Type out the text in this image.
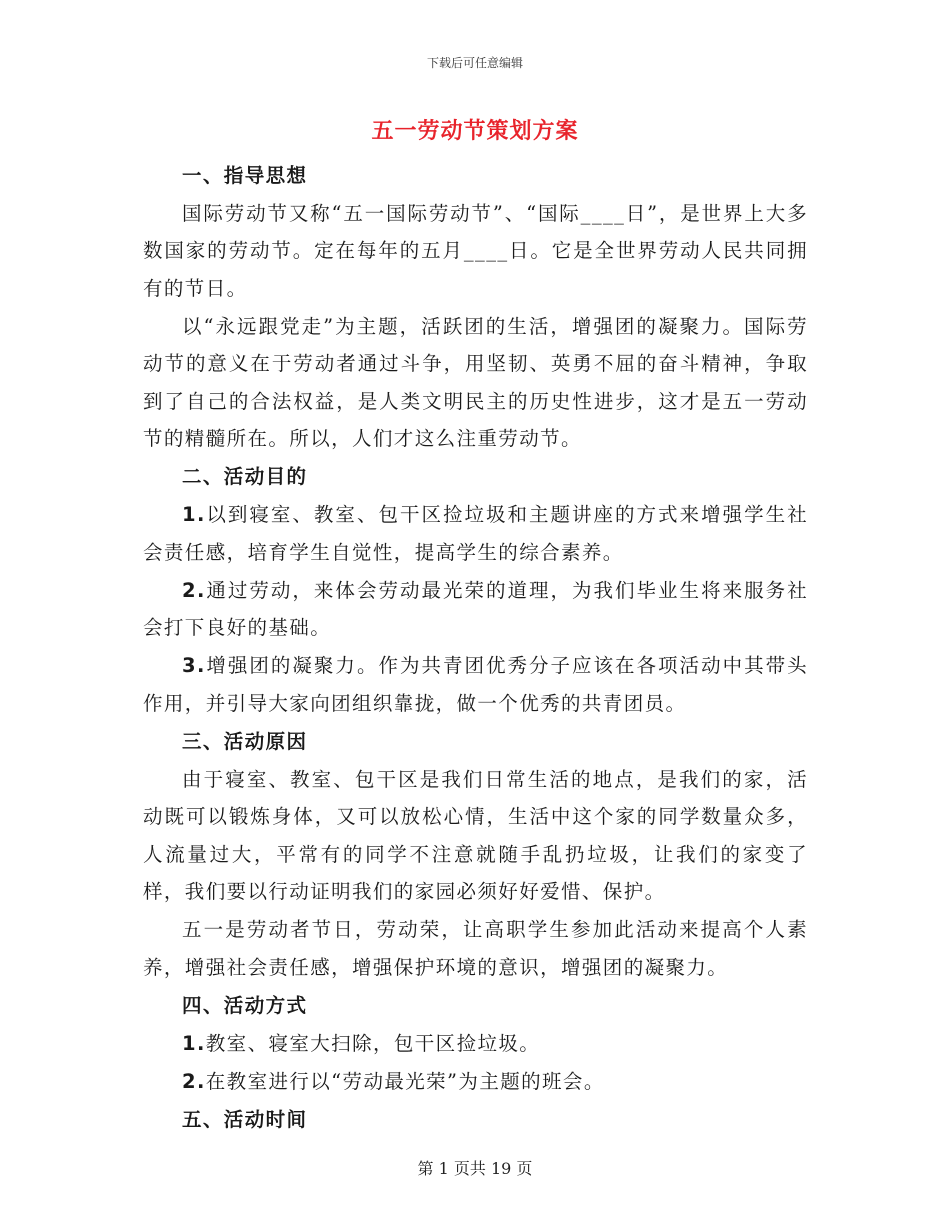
下载后可任意编辑
五一劳动节策划方案

一、指导思想

国际劳动节又称“五一国际劳动节”、“国际____日”，是世界上大多数国家的劳动节。定在每年的五月____日。它是全世界劳动人民共同拥有的节日。

以“永远跟党走”为主题，活跃团的生活，增强团的凝聚力。国际劳动节的意义在于劳动者通过斗争，用坚韧、英勇不屈的奋斗精神，争取到了自己的合法权益，是人类文明民主的历史性进步，这才是五一劳动节的精髓所在。所以，人们才这么注重劳动节。

二、活动目的

1.以到寝室、教室、包干区捡垃圾和主题讲座的方式来增强学生社会责任感，培育学生自觉性，提高学生的综合素养。

2.通过劳动，来体会劳动最光荣的道理，为我们毕业生将来服务社会打下良好的基础。

3.增强团的凝聚力。作为共青团优秀分子应该在各项活动中其带头作用，并引导大家向团组织靠拢，做一个优秀的共青团员。

三、活动原因

由于寝室、教室、包干区是我们日常生活的地点，是我们的家，活动既可以锻炼身体，又可以放松心情，生活中这个家的同学数量众多，人流量过大，平常有的同学不注意就随手乱扔垃圾，让我们的家变了样，我们要以行动证明我们的家园必须好好爱惜、保护。

五一是劳动者节日，劳动荣，让高职学生参加此活动来提高个人素养，增强社会责任感，增强保护环境的意识，增强团的凝聚力。

四、活动方式

1.教室、寝室大扫除，包干区捡垃圾。

2.在教室进行以“劳动最光荣”为主题的班会。

五、活动时间

第 1 页共 19 页
